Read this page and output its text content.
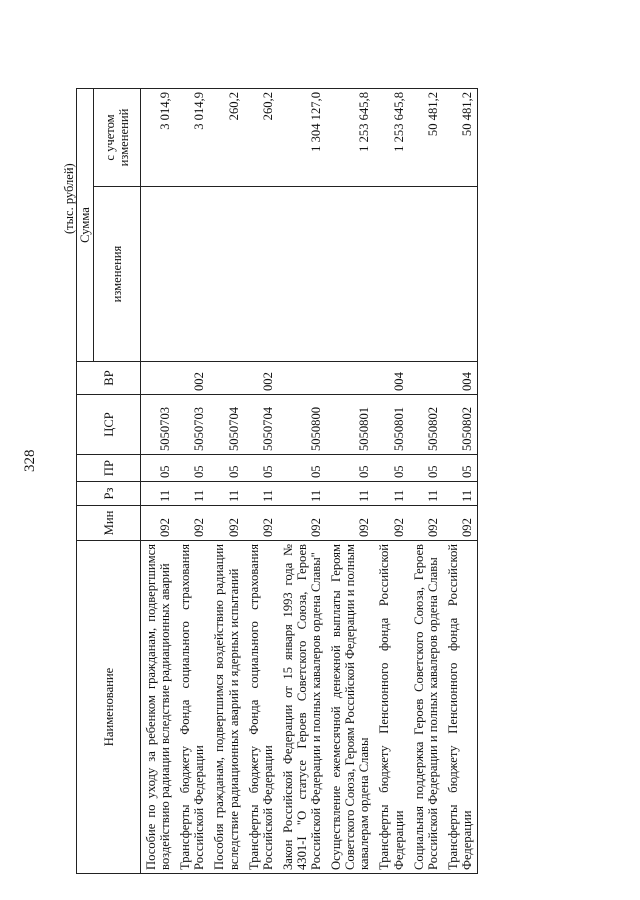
328
(тыс. рублей)
Наименование	Мин	Рз	ПР	ЦСР	ВР	Сумма	
						изменения	с учетом изменений
Пособие по уходу за ребенком гражданам, подвергшимся воздействию радиации вследствие радиационных аварий	092	11	05	5050703			3 014,9
Трансферты бюджету Фонда социального страхования Российской Федерации	092	11	05	5050703	002		3 014,9
Пособия гражданам, подвергшимся воздействию радиации вследствие радиационных аварий и ядерных испытаний	092	11	05	5050704			260,2
Трансферты бюджету Фонда социального страхования Российской Федерации	092	11	05	5050704	002		260,2
Закон Российской Федерации от 15 января 1993 года № 4301-I "О статусе Героев Советского Союза, Героев Российской Федерации и полных кавалеров ордена Славы"	092	11	05	5050800			1 304 127,0
Осуществление ежемесячной денежной выплаты Героям Советского Союза, Героям Российской Федерации и полным кавалерам ордена Славы	092	11	05	5050801			1 253 645,8
Трансферты бюджету Пенсионного фонда Российской Федерации	092	11	05	5050801	004		1 253 645,8
Социальная поддержка Героев Советского Союза, Героев Российской Федерации и полных кавалеров ордена Славы	092	11	05	5050802			50 481,2
Трансферты бюджету Пенсионного фонда Российской Федерации	092	11	05	5050802	004		50 481,2
